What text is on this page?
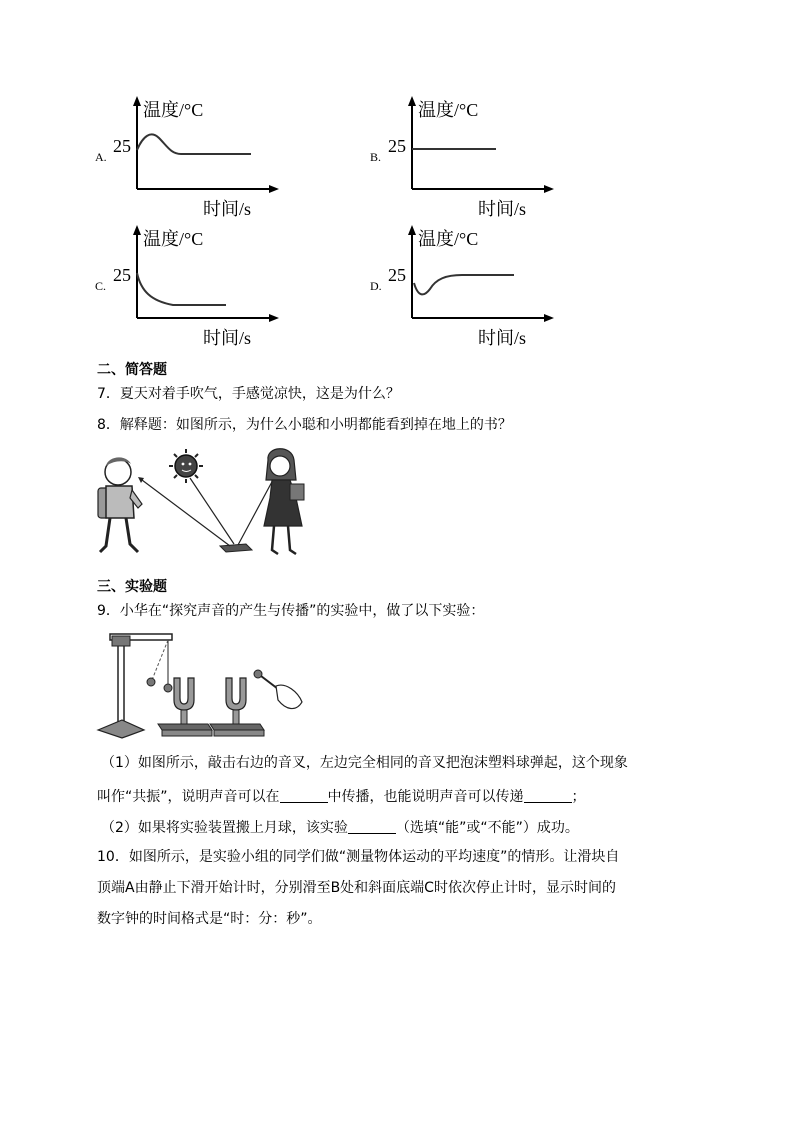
A.
25
温度/°C
时间/s
B.
25
温度/°C
时间/s
C.
25
温度/°C
时间/s
D.
25
温度/°C
时间/s
二、简答题
7．夏天对着手吹气，手感觉凉快，这是为什么？
8．解释题：如图所示，为什么小聪和小明都能看到掉在地上的书？
三、实验题
9．小华在“探究声音的产生与传播”的实验中，做了以下实验：
（1）如图所示，敲击右边的音叉，左边完全相同的音叉把泡沫塑料球弹起，这个现象
叫作“共振”，说明声音可以在	中传播，也能说明声音可以传递	；
（2）如果将实验装置搬上月球，该实验	（选填“能”或“不能”）成功。
10．如图所示，是实验小组的同学们做“测量物体运动的平均速度”的情形。让滑块自
顶端A由静止下滑开始计时，分别滑至B处和斜面底端C时依次停止计时，显示时间的
数字钟的时间格式是“时：分：秒”。
